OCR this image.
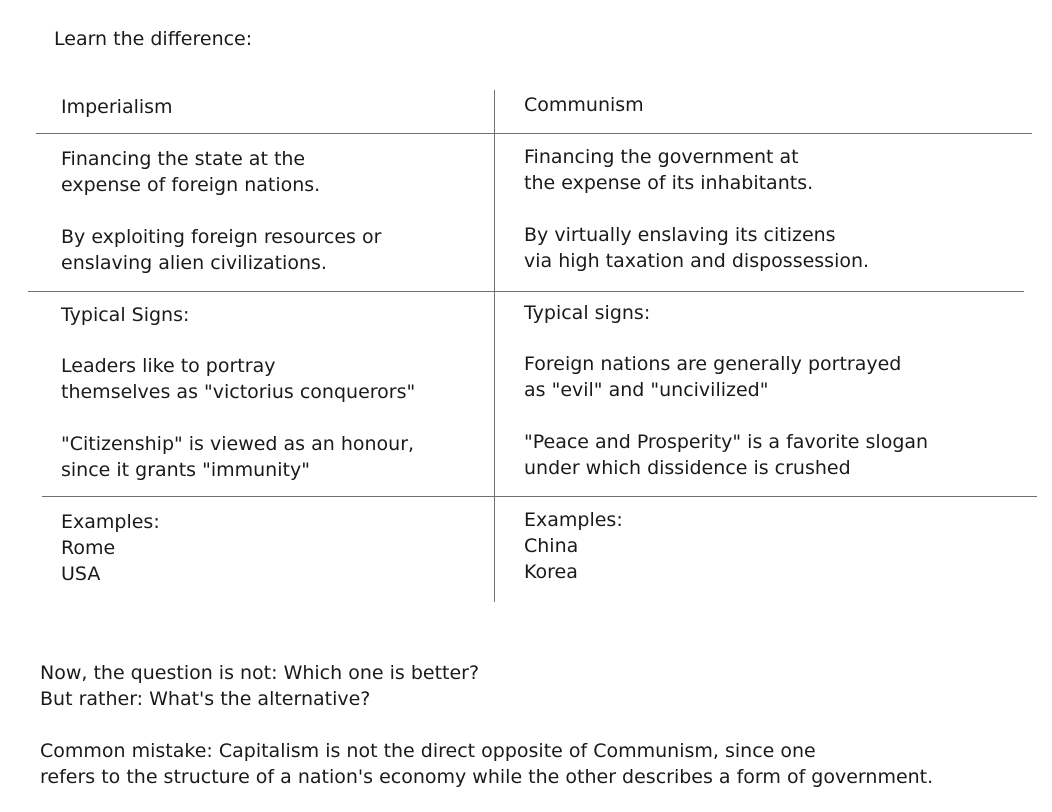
Learn the difference:
Imperialism
Financing the state at the
expense of foreign nations.
By exploiting foreign resources or
enslaving alien civilizations.
Typical Signs:
Leaders like to portray
themselves as "victorius conquerors"
"Citizenship" is viewed as an honour,
since it grants "immunity"
Examples:
Rome
USA
Communism
Financing the government at
the expense of its inhabitants.
By virtually enslaving its citizens
via high taxation and dispossession.
Typical signs:
Foreign nations are generally portrayed
as "evil" and "uncivilized"
"Peace and Prosperity" is a favorite slogan
under which dissidence is crushed
Examples:
China
Korea
Now, the question is not: Which one is better?
But rather: What's the alternative?
Common mistake: Capitalism is not the direct opposite of Communism, since one
refers to the structure of a nation's economy while the other describes a form of government.
